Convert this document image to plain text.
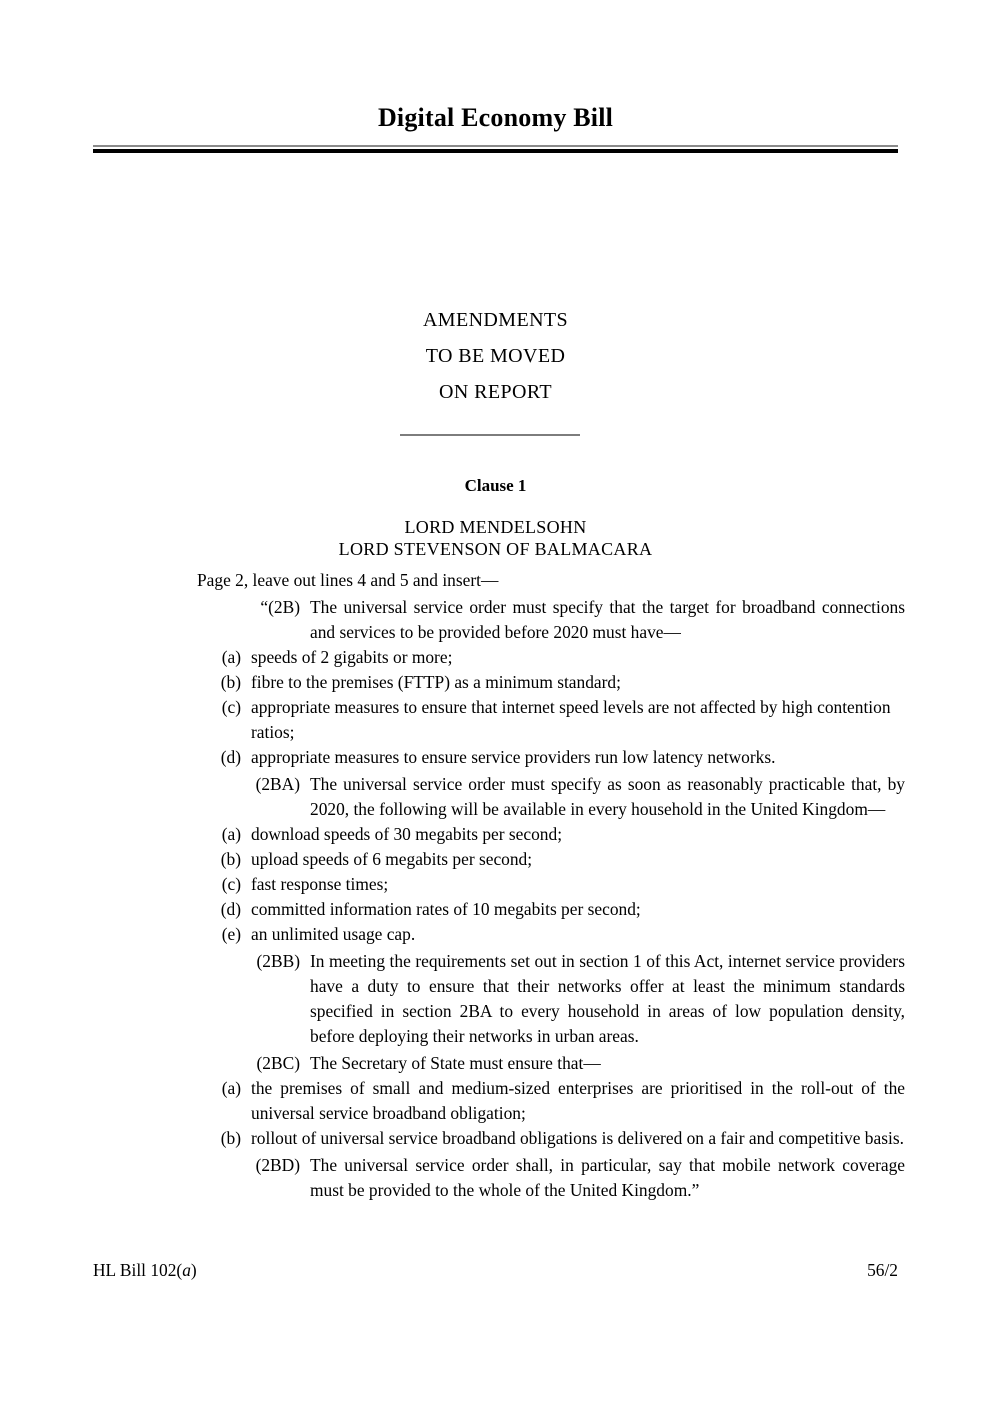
Digital Economy Bill
AMENDMENTS
TO BE MOVED
ON REPORT
Clause 1
LORD MENDELSOHN
LORD STEVENSON OF BALMACARA
Page 2, leave out lines 4 and 5 and insert—
“(2B) The universal service order must specify that the target for broadband connections and services to be provided before 2020 must have—
(a) speeds of 2 gigabits or more;
(b) fibre to the premises (FTTP) as a minimum standard;
(c) appropriate measures to ensure that internet speed levels are not affected by high contention ratios;
(d) appropriate measures to ensure service providers run low latency networks.
(2BA) The universal service order must specify as soon as reasonably practicable that, by 2020, the following will be available in every household in the United Kingdom—
(a) download speeds of 30 megabits per second;
(b) upload speeds of 6 megabits per second;
(c) fast response times;
(d) committed information rates of 10 megabits per second;
(e) an unlimited usage cap.
(2BB) In meeting the requirements set out in section 1 of this Act, internet service providers have a duty to ensure that their networks offer at least the minimum standards specified in section 2BA to every household in areas of low population density, before deploying their networks in urban areas.
(2BC) The Secretary of State must ensure that—
(a) the premises of small and medium-sized enterprises are prioritised in the roll-out of the universal service broadband obligation;
(b) rollout of universal service broadband obligations is delivered on a fair and competitive basis.
(2BD) The universal service order shall, in particular, say that mobile network coverage must be provided to the whole of the United Kingdom.”
HL Bill 102(a)	56/2
